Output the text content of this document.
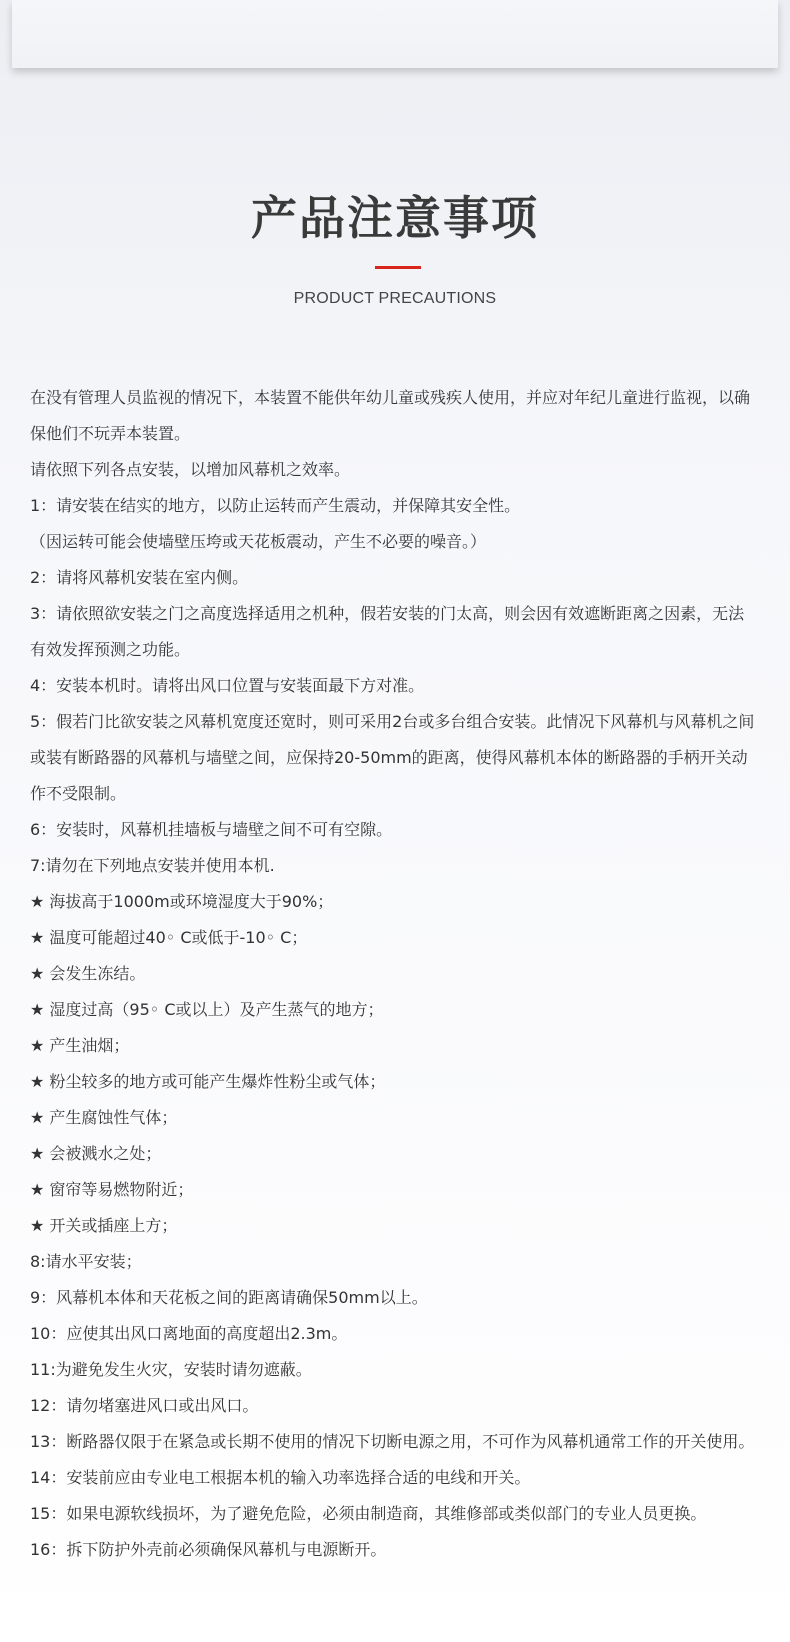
产品注意事项
PRODUCT PRECAUTIONS

在没有管理人员监视的情况下，本装置不能供年幼儿童或残疾人使用，并应对年纪儿童进行监视，以确保他们不玩弄本装置。

请依照下列各点安装，以增加风幕机之效率。

1：请安装在结实的地方，以防止运转而产生震动，并保障其安全性。

（因运转可能会使墙壁压垮或天花板震动，产生不必要的噪音。）

2：请将风幕机安装在室内侧。

3：请依照欲安装之门之高度选择适用之机种，假若安装的门太高，则会因有效遮断距离之因素，无法有效发挥预测之功能。

4：安装本机时。请将出风口位置与安装面最下方对准。

5：假若门比欲安装之风幕机宽度还宽时，则可采用2台或多台组合安装。此情况下风幕机与风幕机之间或装有断路器的风幕机与墙壁之间，应保持20-50mm的距离，使得风幕机本体的断路器的手柄开关动作不受限制。

6：安装时，风幕机挂墙板与墙壁之间不可有空隙。

7:请勿在下列地点安装并使用本机.

★ 海拔高于1000m或环境湿度大于90%；

★ 温度可能超过40◦ C或低于-10◦ C；

★ 会发生冻结。

★ 湿度过高（95◦ C或以上）及产生蒸气的地方；

★ 产生油烟；

★ 粉尘较多的地方或可能产生爆炸性粉尘或气体；

★ 产生腐蚀性气体；

★ 会被溅水之处；

★ 窗帘等易燃物附近；

★ 开关或插座上方；

8:请水平安装；

9：风幕机本体和天花板之间的距离请确保50mm以上。

10：应使其出风口离地面的高度超出2.3m。

11:为避免发生火灾，安装时请勿遮蔽。

12：请勿堵塞进风口或出风口。

13：断路器仅限于在紧急或长期不使用的情况下切断电源之用，不可作为风幕机通常工作的开关使用。

14：安装前应由专业电工根据本机的输入功率选择合适的电线和开关。

15：如果电源软线损坏，为了避免危险，必须由制造商，其维修部或类似部门的专业人员更换。

16：拆下防护外壳前必须确保风幕机与电源断开。
